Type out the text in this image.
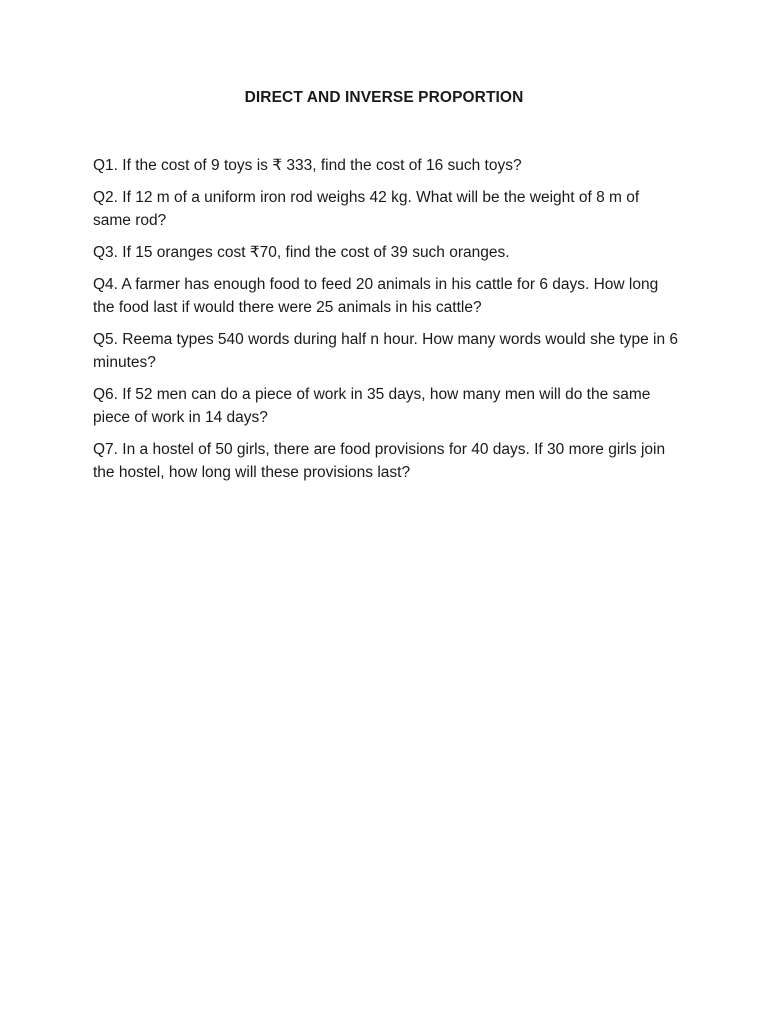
DIRECT AND INVERSE PROPORTION
Q1. If the cost of 9 toys is ₹ 333, find the cost of 16 such toys?
Q2. If 12 m of a uniform iron rod weighs 42 kg. What will be the weight of 8 m of same rod?
Q3. If 15 oranges cost ₹70, find the cost of 39 such oranges.
Q4. A farmer has enough food to feed 20 animals in his cattle for 6 days. How long the food last if would there were 25 animals in his cattle?
Q5. Reema types 540 words during half n hour. How many words would she type in 6 minutes?
Q6. If 52 men can do a piece of work in 35 days, how many men will do the same piece of work in 14 days?
Q7. In a hostel of 50 girls, there are food provisions for 40 days. If 30 more girls join the hostel, how long will these provisions last?
